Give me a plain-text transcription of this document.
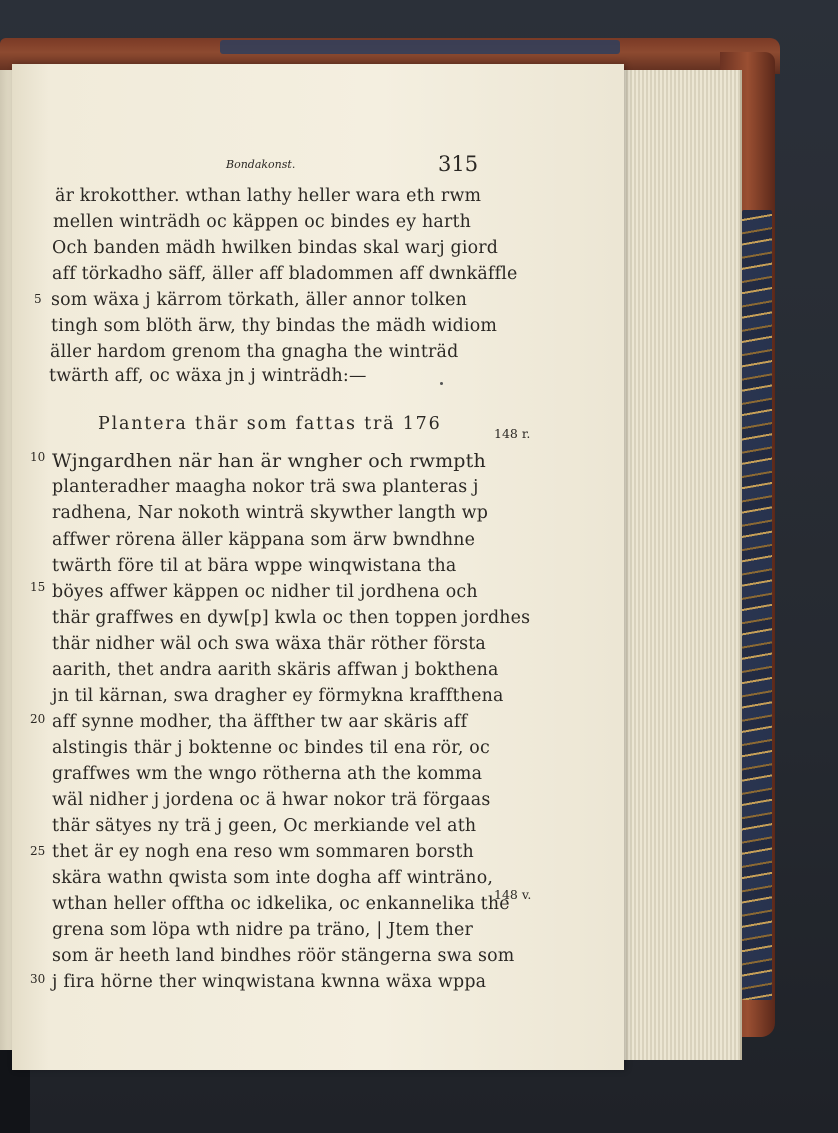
Bondakonst.	315
är krokotther. wthan lathy heller wara eth rwm
mellen winträdh oc käppen oc bindes ey harth
Och banden mädh hwilken bindas skal warj giord
aff törkadho säff, äller aff bladommen aff dwnkäffle
som wäxa j kärrom törkath, äller annor tolken
tingh som blöth ärw, thy bindas the mädh widiom
äller hardom grenom tha gnagha the winträd
twärth aff, oc wäxa jn j winträdh:—
Plantera thär som fattas trä 176
Wjngardhen när han är wngher och rwmpth
planteradher maagha nokor trä swa planteras j
radhena, Nar nokoth winträ skywther langth wp
affwer rörena äller käppana som ärw bwndhne
twärth före til at bära wppe winqwistana tha
böyes affwer käppen oc nidher til jordhena och
thär graffwes en dyw[p] kwla oc then toppen jordhes
thär nidher wäl och swa wäxa thär röther första
aarith, thet andra aarith skäris affwan j bokthena
jn til kärnan, swa dragher ey förmykna kraffthena
aff synne modher, tha äffther tw aar skäris aff
alstingis thär j boktenne oc bindes til ena rör, oc
graffwes wm the wngo rötherna ath the komma
wäl nidher j jordena oc ä hwar nokor trä förgaas
thär sätyes ny trä j geen, Oc merkiande vel ath
thet är ey nogh ena reso wm sommaren borsth
skära wathn qwista som inte dogha aff winträno,
wthan heller offtha oc idkelika, oc enkannelika the
grena som löpa wth nidre pa träno, | Jtem ther
som är heeth land bindhes röör stängerna swa som
j fira hörne ther winqwistana kwnna wäxa wppa
5
10
15
20
25
30
148 r.
148 v.
